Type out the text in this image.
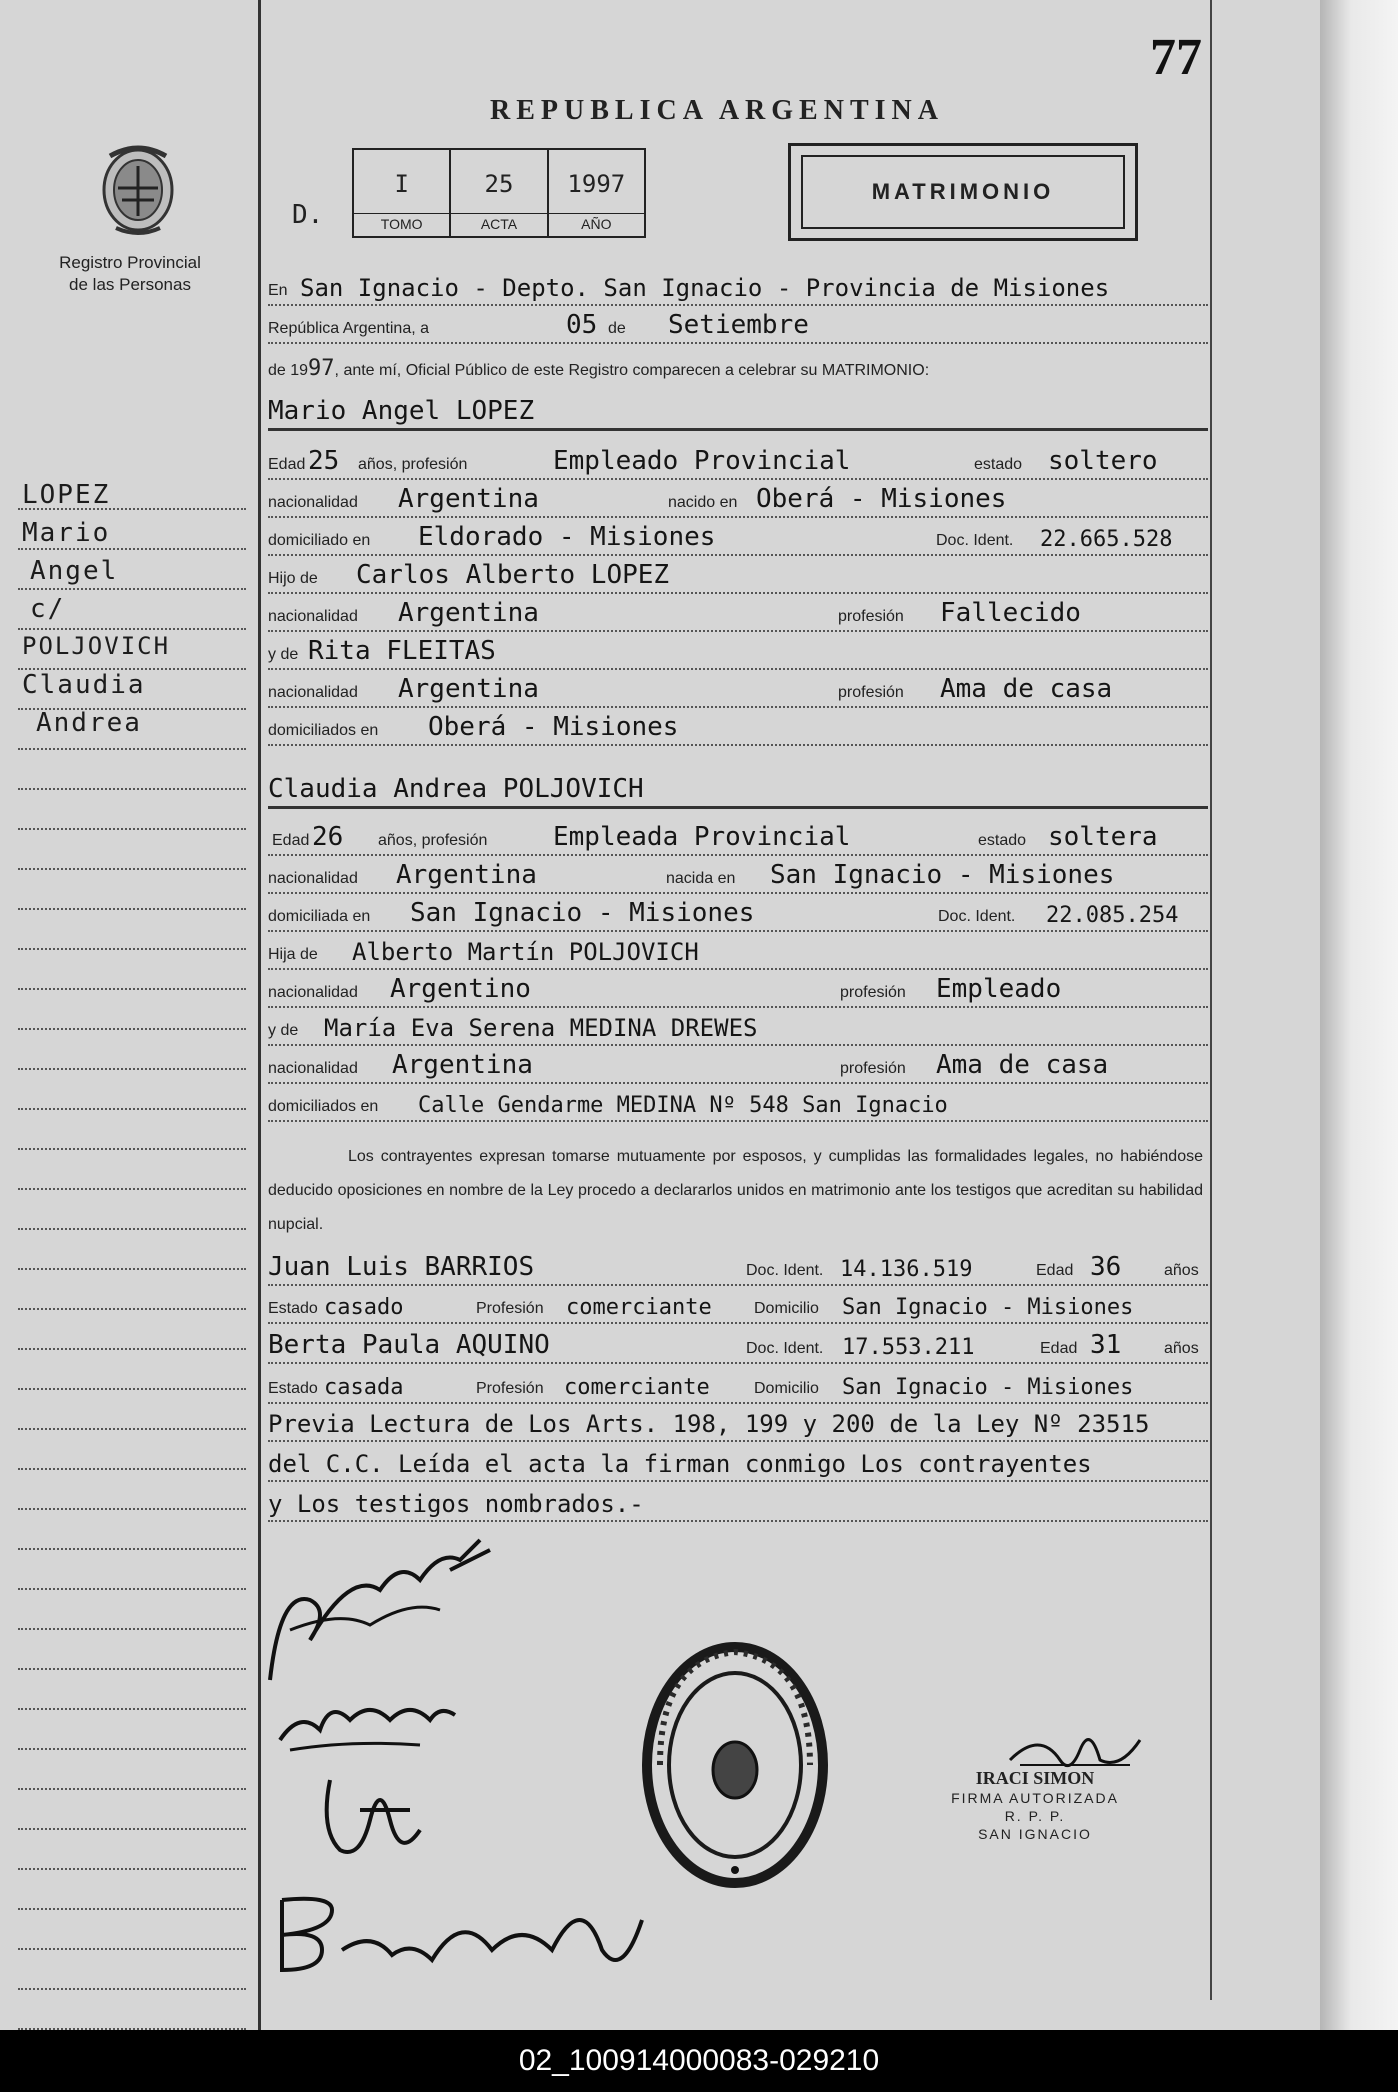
Registro Provincial
de las Personas
LOPEZ
Mario
Angel
c/
POLJOVICH
Claudia
Andrea
77
REPUBLICA ARGENTINA
D.
I
TOMO
25
ACTA
1997
AÑO
MATRIMONIO
En San Ignacio - Depto. San Ignacio - Provincia de Misiones
República Argentina, a	05 de Setiembre
de 1997, ante mí, Oficial Público de este Registro comparecen a celebrar su MATRIMONIO:
Mario Angel LOPEZ
Edad 25 años, profesión	Empleado Provincial	estado soltero
nacionalidad Argentina	nacido en Oberá - Misiones
domiciliado en Eldorado - Misiones	Doc. Ident. 22.665.528
Hijo de Carlos Alberto LOPEZ
nacionalidad Argentina	profesión Fallecido
y de Rita FLEITAS
nacionalidad Argentina	profesión Ama de casa
domiciliados en Oberá - Misiones
Claudia Andrea POLJOVICH
Edad 26 años, profesión	Empleada Provincial	estado soltera
nacionalidad Argentina	nacida en San Ignacio - Misiones
domiciliada en San Ignacio - Misiones	Doc. Ident. 22.085.254
Hija de Alberto Martín POLJOVICH
nacionalidad Argentino	profesión Empleado
y de María Eva Serena MEDINA DREWES
nacionalidad Argentina	profesión Ama de casa
domiciliados en Calle Gendarme MEDINA Nº 548 San Ignacio
Los contrayentes expresan tomarse mutuamente por esposos, y cumplidas las formalidades legales, no habiéndose deducido oposiciones en nombre de la Ley procedo a declararlos unidos en matrimonio ante los testigos que acreditan su habilidad nupcial.
Juan Luis BARRIOS	Doc. Ident. 14.136.519	Edad 36	años
Estado casado	Profesión comerciante	Domicilio San Ignacio - Misiones
Berta Paula AQUINO	Doc. Ident. 17.553.211	Edad 31	años
Estado casada	Profesión comerciante	Domicilio San Ignacio - Misiones
Previa Lectura de Los Arts. 198, 199 y 200 de la Ley Nº 23515
del C.C. Leída el acta la firman conmigo Los contrayentes
y Los testigos nombrados.-
IRACI SIMON
FIRMA AUTORIZADA
R. P. P.
SAN IGNACIO
02_100914000083-029210
